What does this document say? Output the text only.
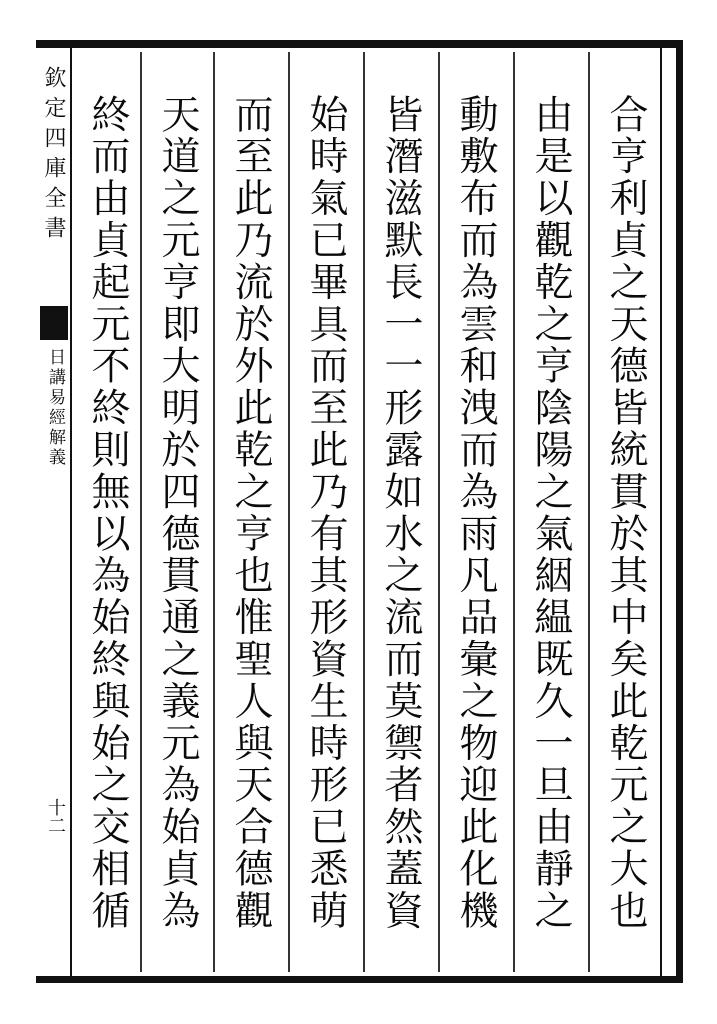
欽定四庫全書
日講易經解義
十二	合亨利貞之天德皆統貫於其中矣此乾元之大也
由是以觀乾之亨陰陽之氣絪緼既久一旦由靜之
動敷布而為雲和洩而為雨凡品彙之物迎此化機
皆潛滋默長一一形露如水之流而莫禦者然蓋資
始時氣已畢具而至此乃有其形資生時形已悉萌
而至此乃流於外此乾之亨也惟聖人與天合德觀
天道之元亨即大明於四德貫通之義元為始貞為
終而由貞起元不終則無以為始終與始之交相循
